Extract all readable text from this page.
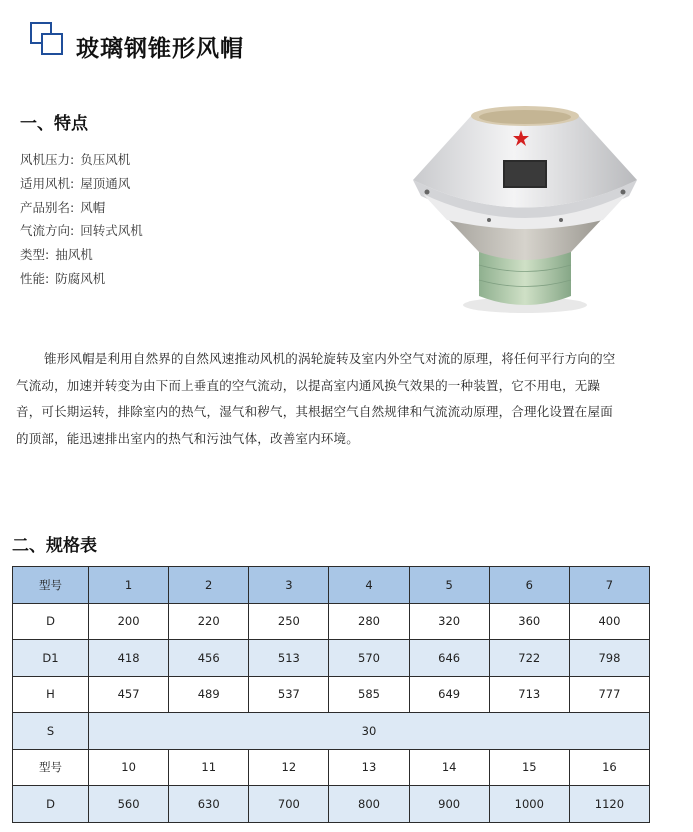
玻璃钢锥形风帽
一、特点
风机压力: 负压风机
适用风机: 屋顶通风
产品别名: 风帽
气流方向: 回转式风机
类型: 抽风机
性能: 防腐风机
锥形风帽是利用自然界的自然风速推动风机的涡轮旋转及室内外空气对流的原理，将任何平行方向的空气流动，加速并转变为由下而上垂直的空气流动，以提高室内通风换气效果的一种装置，它不用电，无躁音，可长期运转，排除室内的热气，湿气和秽气，其根据空气自然规律和气流流动原理，合理化设置在屋面的顶部，能迅速排出室内的热气和污浊气体，改善室内环境。
二、规格表
型号	1	2	3	4	5	6	7
D	200	220	250	280	320	360	400
D1	418	456	513	570	646	722	798
H	457	489	537	585	649	713	777
S	30						
型号	10	11	12	13	14	15	16
D	560	630	700	800	900	1000	1120
